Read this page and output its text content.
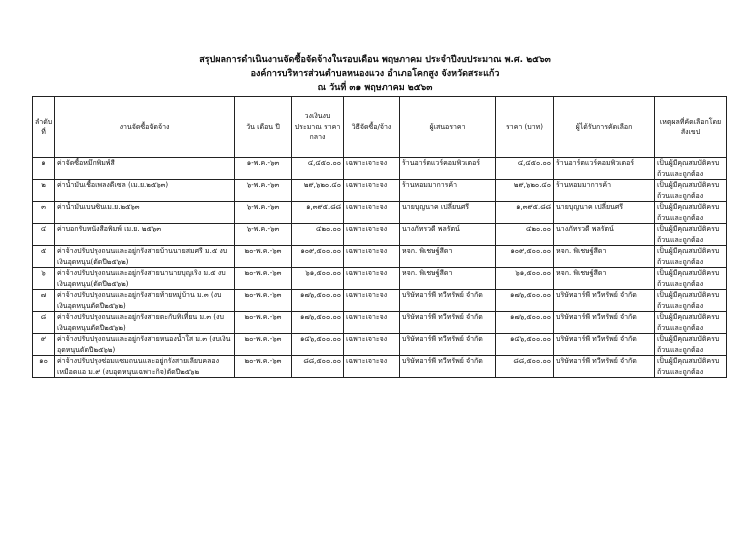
สรุปผลการดำเนินงานจัดซื้อจัดจ้างในรอบเดือน พฤษภาคม ประจำปีงบประมาณ พ.ศ. ๒๕๖๓
องค์การบริหารส่วนตำบลหนองแวง อำเภอโคกสูง จังหวัดสระแก้ว
ณ วันที่ ๓๑ พฤษภาคม ๒๕๖๓
ลำดับที่	งานจัดซื้อจัดจ้าง	วัน เดือน ปี	วงเงินงบประมาณ ราคากลาง	วิธีจัดซื้อ/จ้าง	ผู้เสนอราคา	ราคา (บาท)	ผู้ได้รับการคัดเลือก	เหตุผลที่คัดเลือกโดยสังเขป
๑	ค่าจัดซื้อหมึกพิมพ์สี	๑-พ.ค.-๖๓	๔,๔๕๐.๐๐	เฉพาะเจาะจง	ร้านอาร์ตแวร์คอมพิวเตอร์	๔,๔๕๐.๐๐	ร้านอาร์ตแวร์คอมพิวเตอร์	เป็นผู้มีคุณสมบัติครบถ้วนและถูกต้อง
๒	ค่าน้ำมันเชื้อเพลงดีเซล (เม.ย.๒๕๖๓)	๖-พ.ค.-๖๓	๒๙,๖๒๐.๔๐	เฉพาะเจาะจง	ร้านหอมมาการค้า	๒๙,๖๒๐.๔๐	ร้านหอมมาการค้า	เป็นผู้มีคุณสมบัติครบถ้วนและถูกต้อง
๓	ค่าน้ำมันเบนซินเม.ย.๒๕๖๓	๖-พ.ค.-๖๓	๑,๓๙๕.๘๘	เฉพาะเจาะจง	นายบุญนาค เปลี่ยนศรี	๑,๓๙๕.๘๘	นายบุญนาค เปลี่ยนศรี	เป็นผู้มีคุณสมบัติครบถ้วนและถูกต้อง
๔	ค่าบอกรับหนังสือพิมพ์ เม.ย. ๒๕๖๓	๖-พ.ค.-๖๓	๔๒๐.๐๐	เฉพาะเจาะจง	นางภัทรวดี พลรัตน์	๔๒๐.๐๐	นางภัทรวดี พลรัตน์	เป็นผู้มีคุณสมบัติครบถ้วนและถูกต้อง
๕	ค่าจ้างปรับปรุงถนนและอยู่กรังสายบ้านนายสมศรี ม.๕ งบเงินอุดหนุน(ตัดปี๒๕๖๒)	๒๐-พ.ค.-๖๓	๑๐๙,๕๐๐.๐๐	เฉพาะเจาะจง	หจก. พิเชษฐ์สีดา	๑๐๙,๕๐๐.๐๐	หจก. พิเชษฐ์สีดา	เป็นผู้มีคุณสมบัติครบถ้วนและถูกต้อง
๖	ค่าจ้างปรับปรุงถนนและอยู่กรังสายนานายบุญเริง ม.๕ งบเงินอุดหนุน(ตัดปี๒๕๖๒)	๒๐-พ.ค.-๖๓	๖๑,๕๐๐.๐๐	เฉพาะเจาะจง	หจก. พิเชษฐ์สีดา	๖๑,๕๐๐.๐๐	หจก. พิเชษฐ์สีดา	เป็นผู้มีคุณสมบัติครบถ้วนและถูกต้อง
๗	ค่าจ้างปรับปรุงถนนและอยู่กรังสายท้ายหมู่บ้าน ม.๓ (งบเงินอุดหนุนตัดปี๒๕๖๒)	๒๐-พ.ค.-๖๓	๑๗๖,๕๐๐.๐๐	เฉพาะเจาะจง	บริษัทอาร์พี ทวีทรัพย์ จำกัด	๑๗๖,๕๐๐.๐๐	บริษัทอาร์พี ทวีทรัพย์ จำกัด	เป็นผู้มีคุณสมบัติครบถ้วนและถูกต้อง
๘	ค่าจ้างปรับปรุงถนนและอยู่กรังสายตะกับทิเที่ยน ม.๓ (งบเงินอุดหนุนตัดปี๒๕๖๒)	๒๐-พ.ค.-๖๓	๑๗๖,๕๐๐.๐๐	เฉพาะเจาะจง	บริษัทอาร์พี ทวีทรัพย์ จำกัด	๑๗๖,๕๐๐.๐๐	บริษัทอาร์พี ทวีทรัพย์ จำกัด	เป็นผู้มีคุณสมบัติครบถ้วนและถูกต้อง
๙	ค่าจ้างปรับปรุงถนนและอยู่กรังสายหนองน้ำใส ม.๓ (งบเงินอุดหนุนตัดปี๒๕๖๒)	๒๐-พ.ค.-๖๓	๑๔๖,๕๐๐.๐๐	เฉพาะเจาะจง	บริษัทอาร์พี ทวีทรัพย์ จำกัด	๑๔๖,๕๐๐.๐๐	บริษัทอาร์พี ทวีทรัพย์ จำกัด	เป็นผู้มีคุณสมบัติครบถ้วนและถูกต้อง
๑๐	ค่าจ้างปรับปรุงซ่อมแซมถนนและอยู่กรังสายเลียบคลองเหมือดแอ ม.๙ (งบอุดหนุนเฉพาะกิจ)ตัดปี๒๕๖๒	๒๐-พ.ค.-๖๓	๘๘,๕๐๐.๐๐	เฉพาะเจาะจง	บริษัทอาร์พี ทวีทรัพย์ จำกัด	๘๘,๕๐๐.๐๐	บริษัทอาร์พี ทวีทรัพย์ จำกัด	เป็นผู้มีคุณสมบัติครบถ้วนและถูกต้อง
